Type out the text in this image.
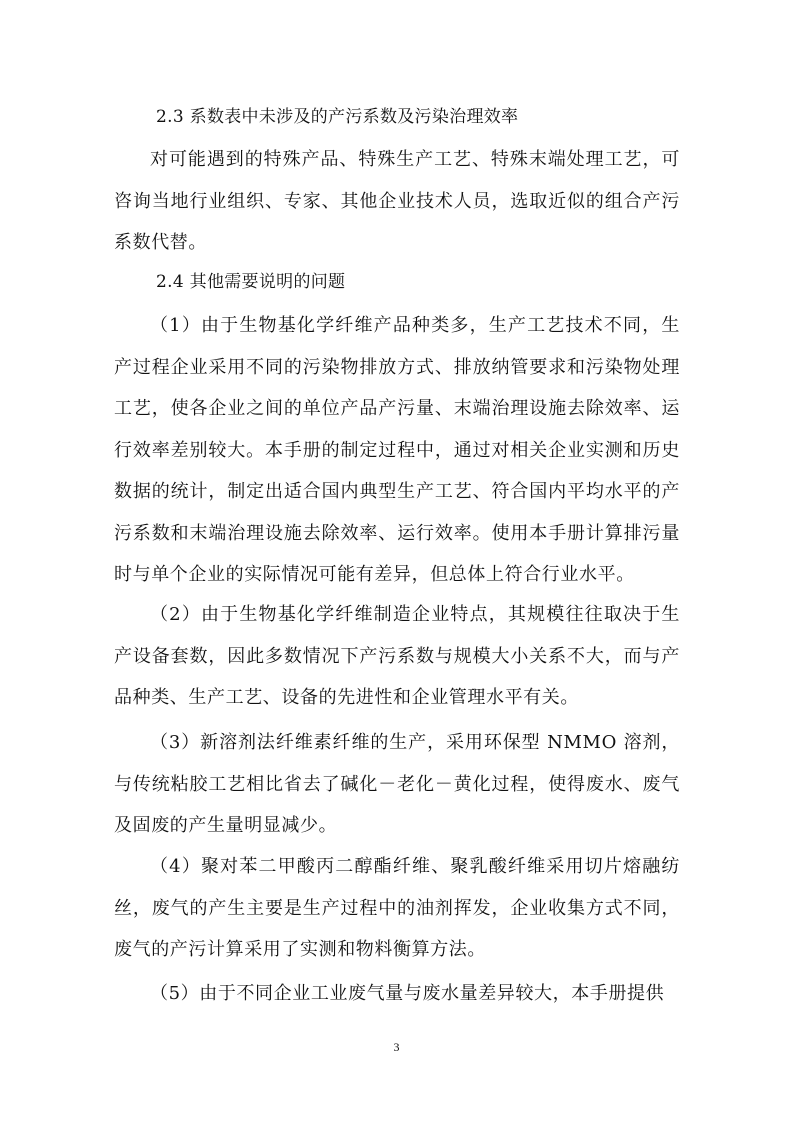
2.3 系数表中未涉及的产污系数及污染治理效率

对可能遇到的特殊产品、特殊生产工艺、特殊末端处理工艺，可咨询当地行业组织、专家、其他企业技术人员，选取近似的组合产污系数代替。

2.4 其他需要说明的问题

（1）由于生物基化学纤维产品种类多，生产工艺技术不同，生产过程企业采用不同的污染物排放方式、排放纳管要求和污染物处理工艺，使各企业之间的单位产品产污量、末端治理设施去除效率、运行效率差别较大。本手册的制定过程中，通过对相关企业实测和历史数据的统计，制定出适合国内典型生产工艺、符合国内平均水平的产污系数和末端治理设施去除效率、运行效率。使用本手册计算排污量时与单个企业的实际情况可能有差异，但总体上符合行业水平。

（2）由于生物基化学纤维制造企业特点，其规模往往取决于生产设备套数，因此多数情况下产污系数与规模大小关系不大，而与产品种类、生产工艺、设备的先进性和企业管理水平有关。

（3）新溶剂法纤维素纤维的生产，采用环保型 NMMO 溶剂，与传统粘胶工艺相比省去了碱化－老化－黄化过程，使得废水、废气及固废的产生量明显减少。

（4）聚对苯二甲酸丙二醇酯纤维、聚乳酸纤维采用切片熔融纺丝，废气的产生主要是生产过程中的油剂挥发，企业收集方式不同，废气的产污计算采用了实测和物料衡算方法。

（5）由于不同企业工业废气量与废水量差异较大，本手册提供

3
